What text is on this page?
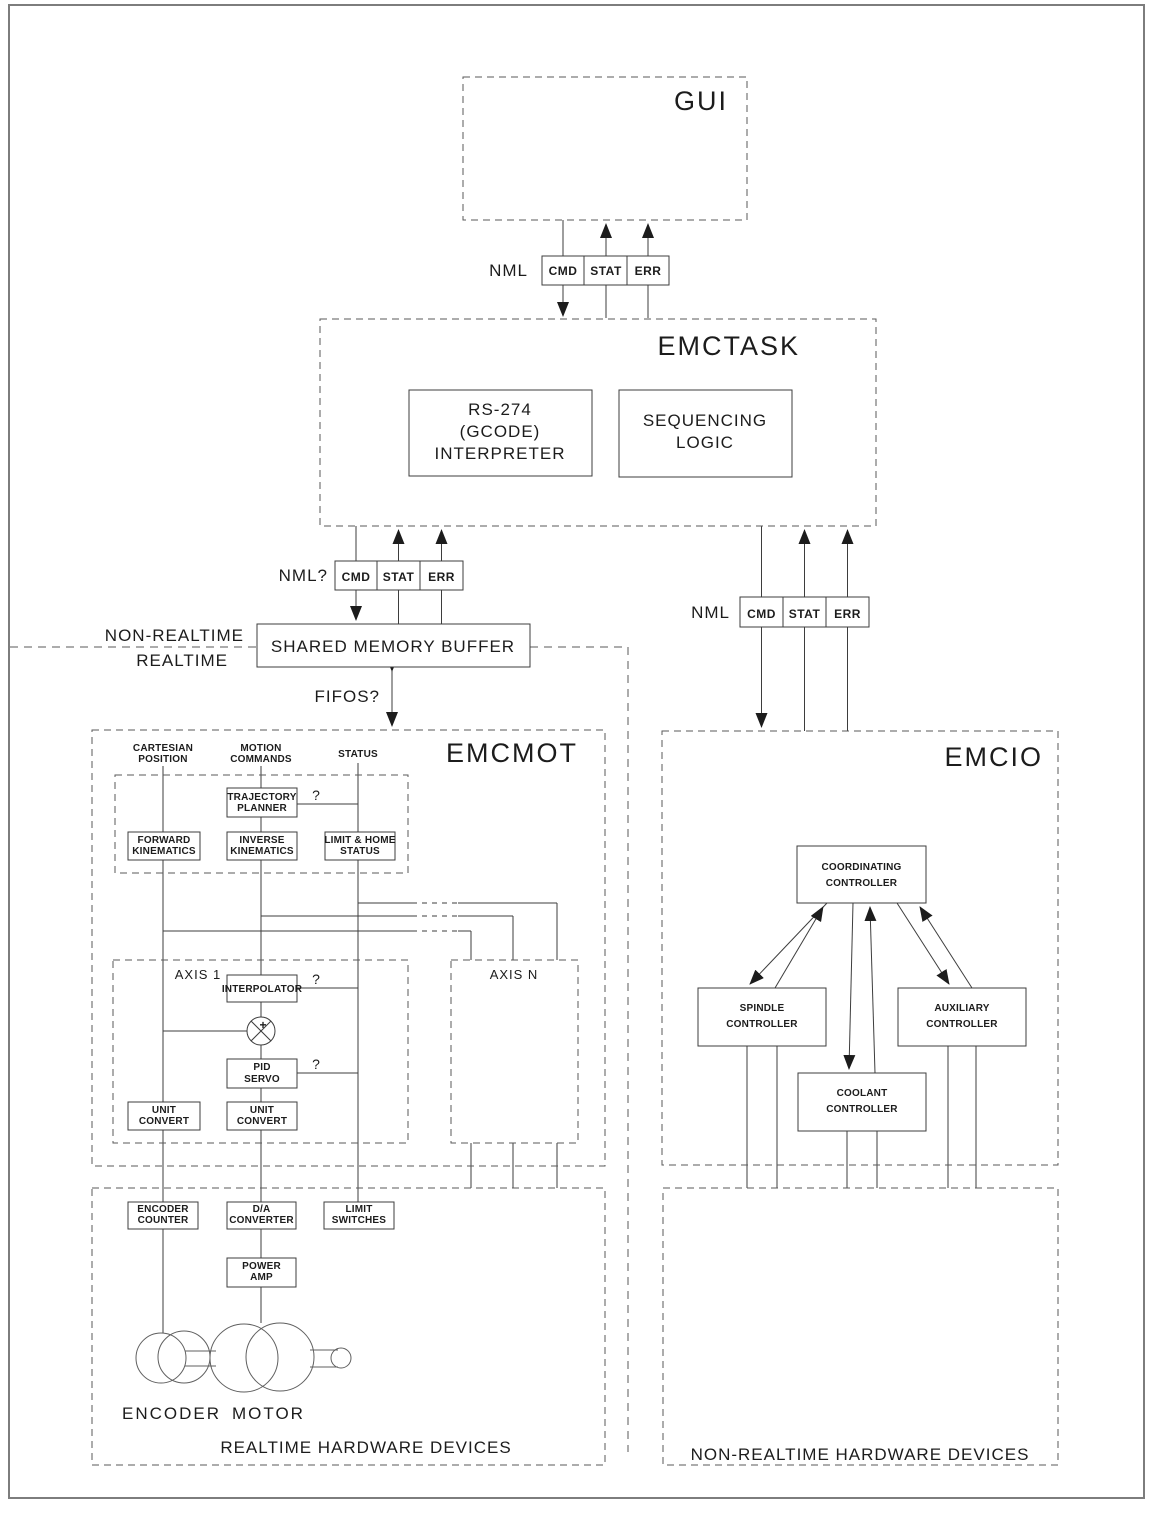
GUI
EMCTASK
EMCMOT	EMCIO
NML CMD STAT ERR
RS-274
(GCODE)
INTERPRETER
SEQUENCING
LOGIC
NML? CMD STAT ERR
NML CMD STAT ERR
NON-REALTIME
REALTIME
SHARED MEMORY BUFFER
FIFOS?
CARTESIAN
POSITION
MOTION
COMMANDS	STATUS
TRAJECTORY
PLANNER
?
FORWARD
KINEMATICS
INVERSE
KINEMATICS
LIMIT & HOME
STATUS
AXIS 1	AXIS N
INTERPOLATOR
?
+
PID
SERVO
?
UNIT
CONVERT
UNIT
CONVERT
COORDINATING
CONTROLLER
SPINDLE
CONTROLLER
AUXILIARY
CONTROLLER
COOLANT
CONTROLLER
ENCODER
COUNTER
D/A
CONVERTER
LIMIT
SWITCHES
POWER
AMP
ENCODER MOTOR
REALTIME HARDWARE DEVICES	NON-REALTIME HARDWARE DEVICES
